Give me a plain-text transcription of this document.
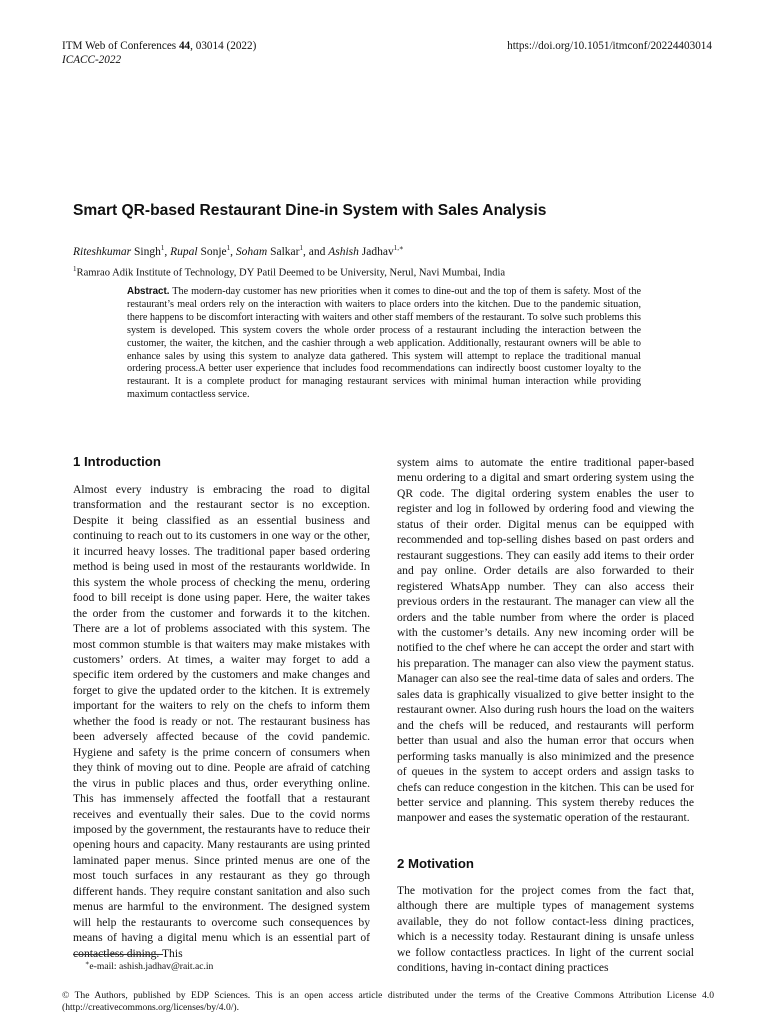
ITM Web of Conferences 44, 03014 (2022)
ICACC-2022
https://doi.org/10.1051/itmconf/20224403014
Smart QR-based Restaurant Dine-in System with Sales Analysis
Riteshkumar Singh$^1$, Rupal Sonje$^1$, Soham Salkar$^1$, and Ashish Jadhav$^{1,∗}$
$^1$Ramrao Adik Institute of Technology, DY Patil Deemed to be University, Nerul, Navi Mumbai, India
Abstract. The modern-day customer has new priorities when it comes to dine-out and the top of them is safety. Most of the restaurant’s meal orders rely on the interaction with waiters to place orders into the kitchen. Due to the pandemic situation, there happens to be discomfort interacting with waiters and other staff members of the restaurant. To solve such problems this system is developed. This system covers the whole order process of a restaurant including the interaction between the customer, the waiter, the kitchen, and the cashier through a web application. Additionally, restaurant owners will be able to enhance sales by using this system to analyze data gathered. This system will attempt to replace the traditional manual ordering process.A better user experience that includes food recommendations can indirectly boost customer loyalty to the restaurant. It is a complete product for managing restaurant services with minimal human interaction while providing maximum contactless service.
1 Introduction
Almost every industry is embracing the road to digital transformation and the restaurant sector is no exception. Despite it being classified as an essential business and continuing to reach out to its customers in one way or the other, it incurred heavy losses. The traditional paper based ordering method is being used in most of the restaurants worldwide. In this system the whole process of checking the menu, ordering food to bill receipt is done using paper. Here, the waiter takes the order from the customer and forwards it to the kitchen. There are a lot of problems associated with this system. The most common stumble is that waiters may make mistakes with customers’ orders. At times, a waiter may forget to add a specific item ordered by the customers and make changes and forget to give the updated order to the kitchen. It is extremely important for the waiters to rely on the chefs to inform them whether the food is ready or not. The restaurant business has been adversely affected because of the covid pandemic. Hygiene and safety is the prime concern of consumers when they think of moving out to dine. People are afraid of catching the virus in public places and thus, order everything online. This has immensely affected the footfall that a restaurant receives and eventually their sales. Due to the covid norms imposed by the government, the restaurants have to reduce their opening hours and capacity. Many restaurants are using printed laminated paper menus. Since printed menus are one of the most touch surfaces in any restaurant as they go through different hands. They require constant sanitation and also such menus are harmful to the environment. The designed system will help the restaurants to overcome such consequences by means of having a digital menu which is an essential part of contactless dining. This
system aims to automate the entire traditional paper-based menu ordering to a digital and smart ordering system using the QR code. The digital ordering system enables the user to register and log in followed by ordering food and viewing the status of their order. Digital menus can be equipped with recommended and top-selling dishes based on past orders and restaurant suggestions. They can easily add items to their order and pay online. Order details are also forwarded to their registered WhatsApp number. They can also access their previous orders in the restaurant. The manager can view all the orders and the table number from where the order is placed with the customer’s details. Any new incoming order will be notified to the chef where he can accept the order and start with his preparation. The manager can also view the payment status. Manager can also see the real-time data of sales and orders. The sales data is graphically visualized to give better insight to the restaurant owner. Also during rush hours the load on the waiters and the chefs will be reduced, and restaurants will perform better than usual and also the human error that occurs when performing tasks manually is also minimized and the presence of queues in the system to accept orders and assign tasks to chefs can reduce congestion in the kitchen. This can be used for better service and planning. This system thereby reduces the manpower and eases the systematic operation of the restaurant.
2 Motivation
The motivation for the project comes from the fact that, although there are multiple types of management systems available, they do not follow contact-less dining practices, which is a necessity today. Restaurant dining is unsafe unless we follow contactless practices. In light of the current social conditions, having in-contact dining practices
∗e-mail: ashish.jadhav@rait.ac.in
© The Authors, published by EDP Sciences. This is an open access article distributed under the terms of the Creative Commons Attribution License 4.0 (http://creativecommons.org/licenses/by/4.0/).
